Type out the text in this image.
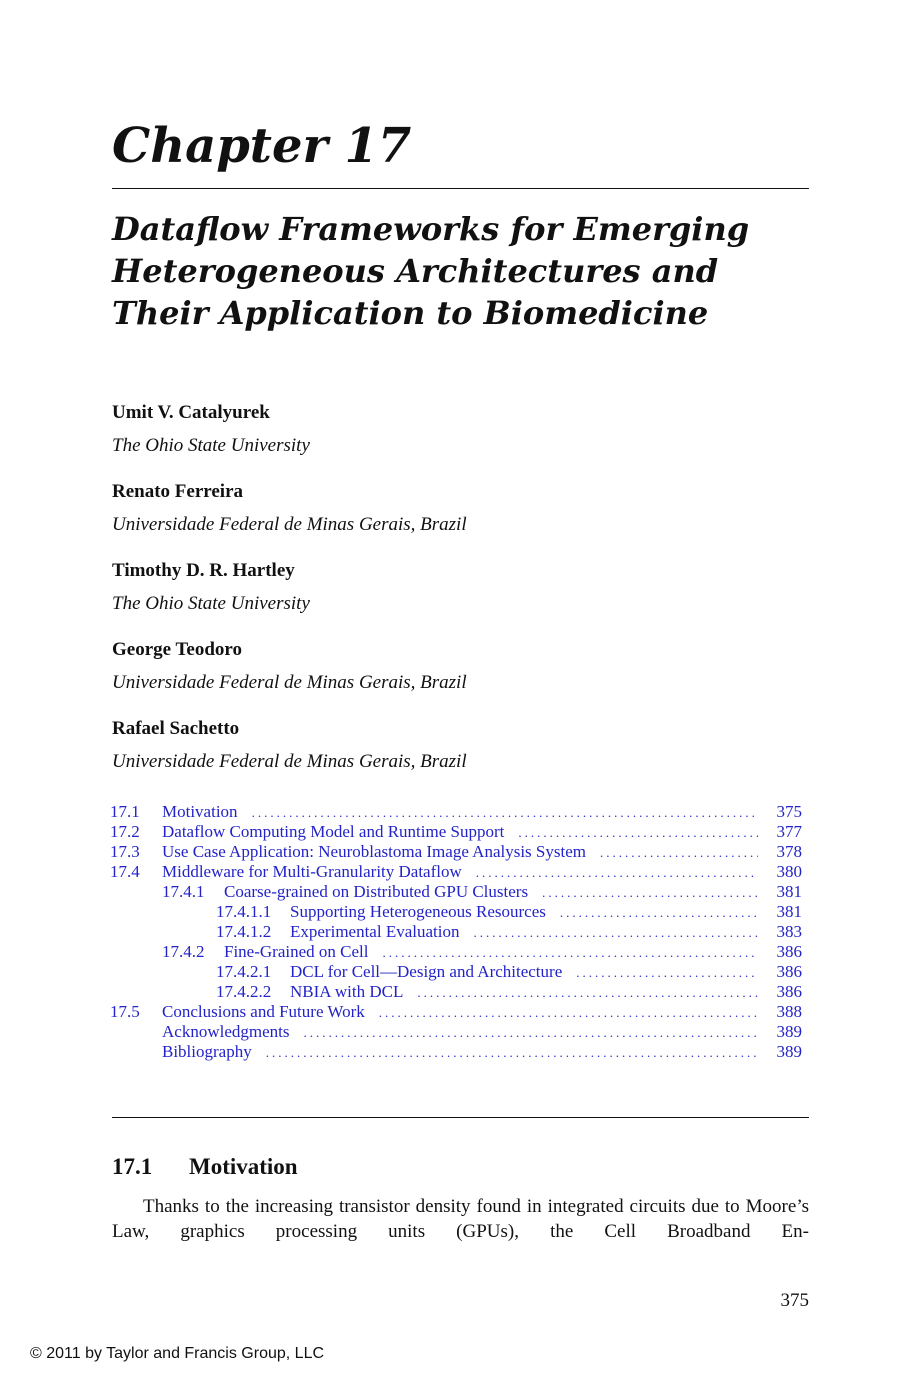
Chapter 17
Dataflow Frameworks for Emerging Heterogeneous Architectures and Their Application to Biomedicine
Umit V. Catalyurek
The Ohio State University
Renato Ferreira
Universidade Federal de Minas Gerais, Brazil
Timothy D. R. Hartley
The Ohio State University
George Teodoro
Universidade Federal de Minas Gerais, Brazil
Rafael Sachetto
Universidade Federal de Minas Gerais, Brazil
17.1	Motivation .....	375
17.2	Dataflow Computing Model and Runtime Support .....	377
17.3	Use Case Application: Neuroblastoma Image Analysis System .....	378
17.4	Middleware for Multi-Granularity Dataflow .....	380
17.4.1	Coarse-grained on Distributed GPU Clusters .....	381
17.4.1.1	Supporting Heterogeneous Resources .....	381
17.4.1.2	Experimental Evaluation .....	383
17.4.2	Fine-Grained on Cell .....	386
17.4.2.1	DCL for Cell—Design and Architecture .....	386
17.4.2.2	NBIA with DCL .....	386
17.5	Conclusions and Future Work .....	388
Acknowledgments .....	389
Bibliography .....	389
17.1 Motivation

Thanks to the increasing transistor density found in integrated circuits due to Moore’s Law, graphics processing units (GPUs), the Cell Broadband En-

375
© 2011 by Taylor and Francis Group, LLC
